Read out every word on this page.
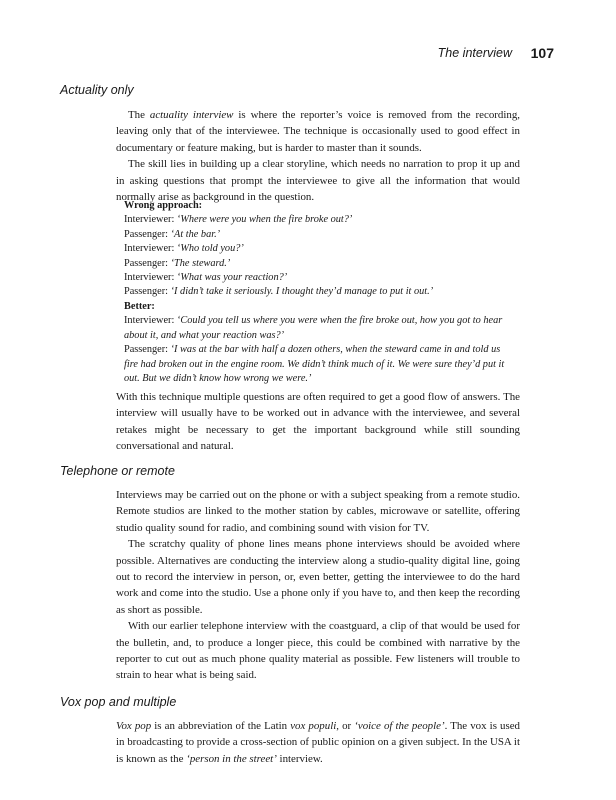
The interview 107
Actuality only

The actuality interview is where the reporter’s voice is removed from the recording, leaving only that of the interviewee. The technique is occasionally used to good effect in documentary or feature making, but is harder to master than it sounds.

The skill lies in building up a clear storyline, which needs no narration to prop it up and in asking questions that prompt the interviewee to give all the information that would normally arise as background in the question.

Wrong approach:

Interviewer: ‘Where were you when the fire broke out?’

Passenger: ‘At the bar.’

Interviewer: ‘Who told you?’

Passenger: ‘The steward.’

Interviewer: ‘What was your reaction?’

Passenger: ‘I didn’t take it seriously. I thought they’d manage to put it out.’

Better:

Interviewer: ‘Could you tell us where you were when the fire broke out, how you got to hear about it, and what your reaction was?’

Passenger: ‘I was at the bar with half a dozen others, when the steward came in and told us fire had broken out in the engine room. We didn’t think much of it. We were sure they’d put it out. But we didn’t know how wrong we were.’

With this technique multiple questions are often required to get a good flow of answers. The interview will usually have to be worked out in advance with the interviewee, and several retakes might be necessary to get the important background while still sounding conversational and natural.

Telephone or remote

Interviews may be carried out on the phone or with a subject speaking from a remote studio. Remote studios are linked to the mother station by cables, microwave or satellite, offering studio quality sound for radio, and combining sound with vision for TV.

The scratchy quality of phone lines means phone interviews should be avoided where possible. Alternatives are conducting the interview along a studio-quality digital line, going out to record the interview in person, or, even better, getting the interviewee to do the hard work and come into the studio. Use a phone only if you have to, and then keep the recording as short as possible.

With our earlier telephone interview with the coastguard, a clip of that would be used for the bulletin, and, to produce a longer piece, this could be combined with narrative by the reporter to cut out as much phone quality material as possible. Few listeners will trouble to strain to hear what is being said.

Vox pop and multiple

Vox pop is an abbreviation of the Latin vox populi, or ‘voice of the people’. The vox is used in broadcasting to provide a cross-section of public opinion on a given subject. In the USA it is known as the ‘person in the street’ interview.
